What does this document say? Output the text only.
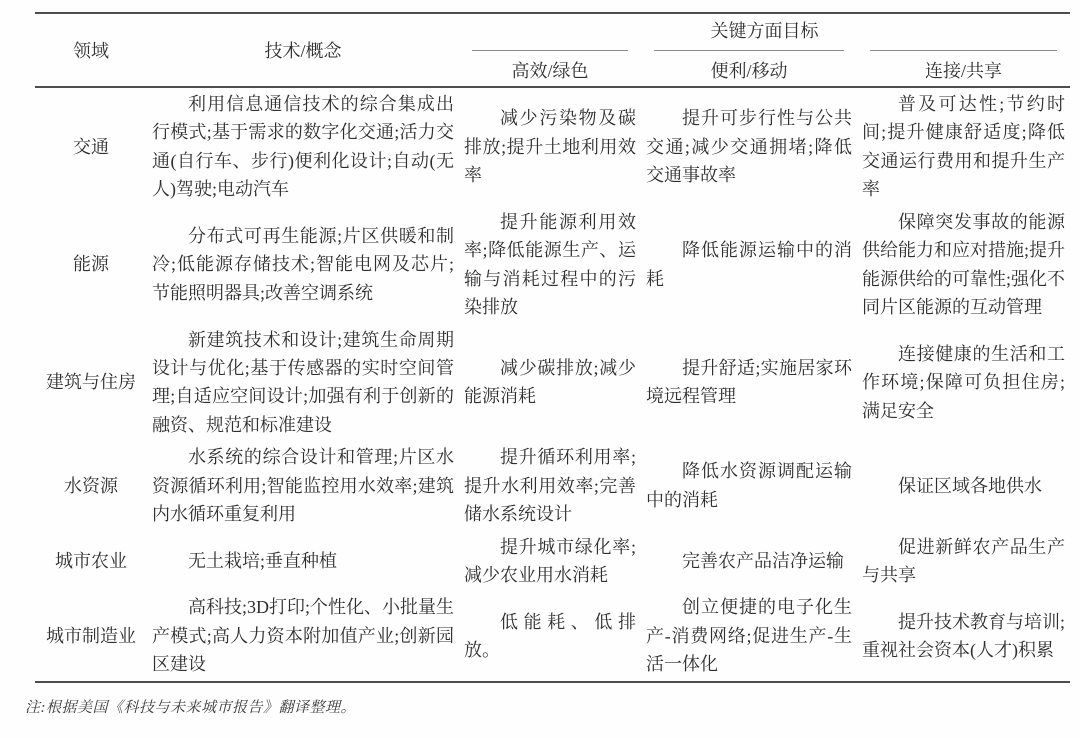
领域	技术/概念	关键方面目标		
		高效/绿色	便利/移动	连接/共享
交通	利用信息通信技术的综合集成出行模式;基于需求的数字化交通;活力交通(自行车、步行)便利化设计;自动(无人)驾驶;电动汽车	减少污染物及碳排放;提升土地利用效率	提升可步行性与公共交通;减少交通拥堵;降低交通事故率	普及可达性;节约时间;提升健康舒适度;降低交通运行费用和提升生产率
能源	分布式可再生能源;片区供暖和制冷;低能源存储技术;智能电网及芯片;节能照明器具;改善空调系统	提升能源利用效率;降低能源生产、运输与消耗过程中的污染排放	降低能源运输中的消耗	保障突发事故的能源供给能力和应对措施;提升能源供给的可靠性;强化不同片区能源的互动管理
建筑与住房	新建筑技术和设计;建筑生命周期设计与优化;基于传感器的实时空间管理;自适应空间设计;加强有利于创新的融资、规范和标准建设	减少碳排放;减少能源消耗	提升舒适;实施居家环境远程管理	连接健康的生活和工作环境;保障可负担住房;满足安全
水资源	水系统的综合设计和管理;片区水资源循环利用;智能监控用水效率;建筑内水循环重复利用	提升循环利用率;提升水利用效率;完善储水系统设计	降低水资源调配运输中的消耗	保证区域各地供水
城市农业	无土栽培;垂直种植	提升城市绿化率;减少农业用水消耗	完善农产品洁净运输	促进新鲜农产品生产与共享
城市制造业	高科技;3D打印;个性化、小批量生产模式;高人力资本附加值产业;创新园区建设	低能耗、低排放。	创立便捷的电子化生产-消费网络;促进生产-生活一体化	提升技术教育与培训;重视社会资本(人才)积累
注:根据美国《科技与未来城市报告》翻译整理。
